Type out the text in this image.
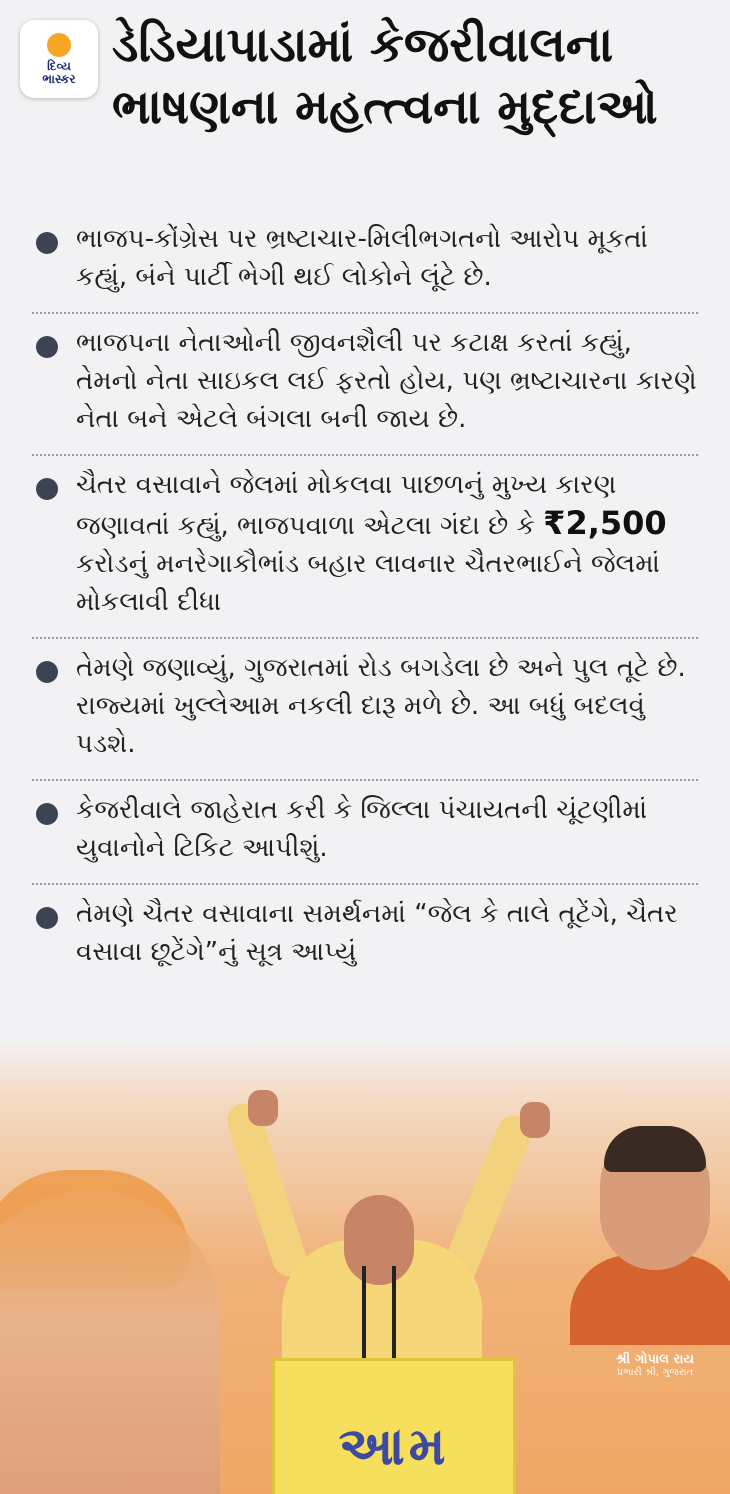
દિવ્ય
ભાસ્કર
ડેડિયાપાડામાં કેજરીવાલના ભાષણના મહત્ત્વના મુદ્દાઓ
ભાજપ-કોંગ્રેસ પર ભ્રષ્ટાચાર-મિલીભગતનો આરોપ મૂકતાં કહ્યું, બંને પાર્ટી ભેગી થઈ લોકોને લૂંટે છે.
ભાજપના નેતાઓની જીવનશૈલી પર કટાક્ષ કરતાં કહ્યું, તેમનો નેતા સાઇકલ લઈ ફરતો હોય, પણ ભ્રષ્ટાચારના કારણે નેતા બને એટલે બંગલા બની જાય છે.
ચૈતર વસાવાને જેલમાં મોકલવા પાછળનું મુખ્ય કારણ જણાવતાં કહ્યું, ભાજપવાળા એટલા ગંદા છે કે ₹2,500 કરોડનું મનરેગાકૌભાંડ બહાર લાવનાર ચૈતરભાઈને જેલમાં મોકલાવી દીધા
તેમણે જણાવ્યું, ગુજરાતમાં રોડ બગડેલા છે અને પુલ તૂટે છે. રાજ્યમાં ખુલ્લેઆમ નકલી દારૂ મળે છે. આ બધું બદલવું પડશે.
કેજરીવાલે જાહેરાત કરી કે જિલ્લા પંચાયતની ચૂંટણીમાં યુવાનોને ટિકિટ આપીશું.
તેમણે ચૈતર વસાવાના સમર્થનમાં “જેલ કે તાલે તૂટેંગે, ચૈતર વસાવા છૂટેંગે”નું સૂત્ર આપ્યું
શ્રી ગોપાલ રાય
પ્રભારી શ્રી, ગુજરાત
આમ
